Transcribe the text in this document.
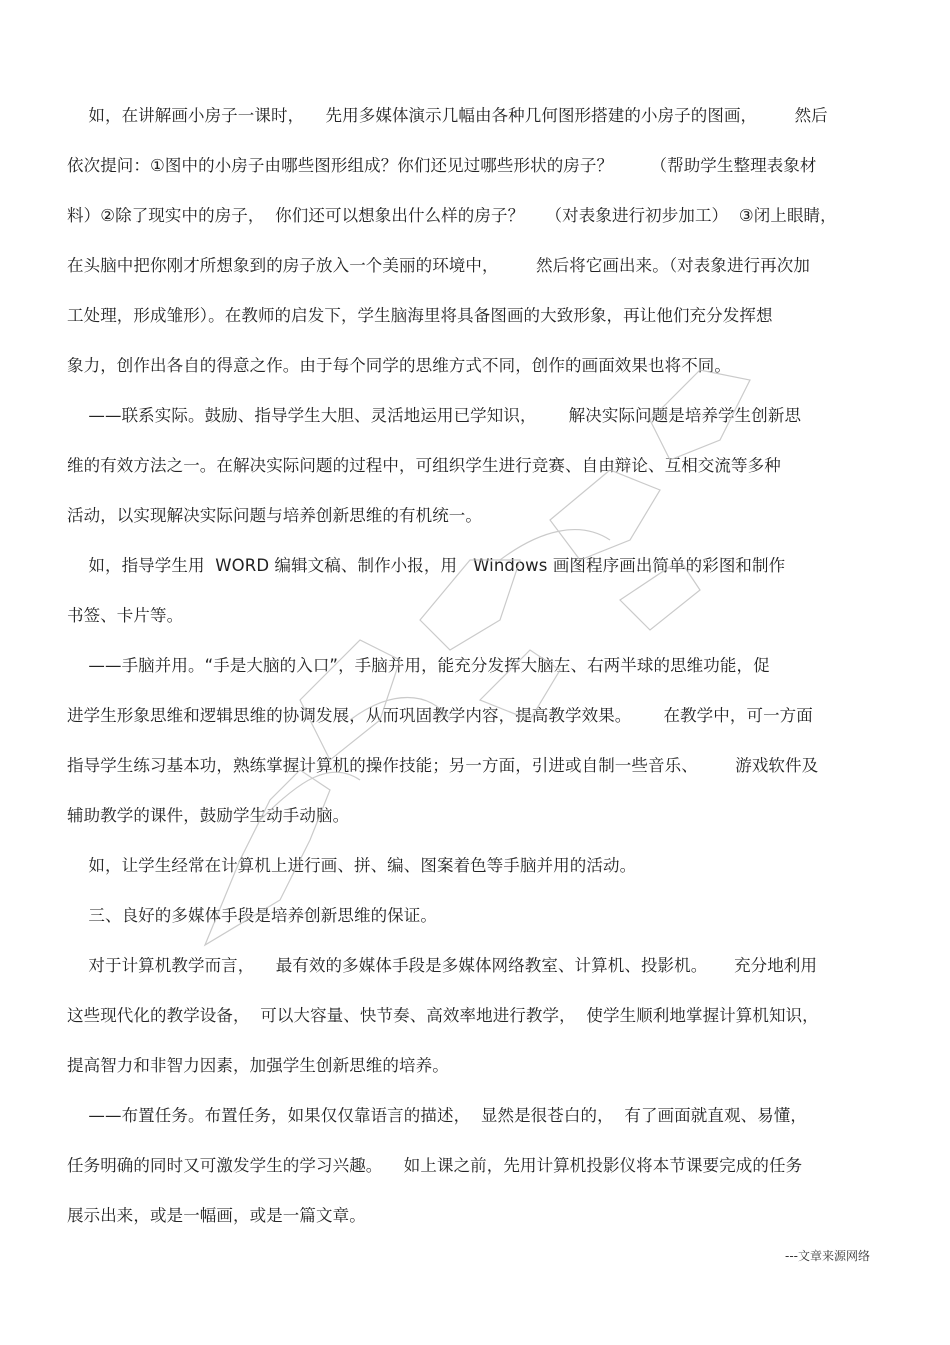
如，在讲解画小房子一课时，    先用多媒体演示几幅由各种几何图形搭建的小房子的图画，       然后
依次提问：①图中的小房子由哪些图形组成？你们还见过哪些形状的房子？       （帮助学生整理表象材
料）②除了现实中的房子，  你们还可以想象出什么样的房子？    （对表象进行初步加工）  ③闭上眼睛，
在头脑中把你刚才所想象到的房子放入一个美丽的环境中，       然后将它画出来。（对表象进行再次加
工处理，形成雏形）。在教师的启发下，学生脑海里将具备图画的大致形象，再让他们充分发挥想
象力，创作出各自的得意之作。由于每个同学的思维方式不同，创作的画面效果也将不同。
——联系实际。鼓励、指导学生大胆、灵活地运用已学知识，      解决实际问题是培养学生创新思
维的有效方法之一。在解决实际问题的过程中，可组织学生进行竞赛、自由辩论、互相交流等多种
活动，以实现解决实际问题与培养创新思维的有机统一。
如，指导学生用  WORD 编辑文稿、制作小报，用   Windows 画图程序画出简单的彩图和制作
书签、卡片等。
——手脑并用。“手是大脑的入口”，手脑并用，能充分发挥大脑左、右两半球的思维功能，促
进学生形象思维和逻辑思维的协调发展，从而巩固教学内容，提高教学效果。      在教学中，可一方面
指导学生练习基本功，熟练掌握计算机的操作技能；另一方面，引进或自制一些音乐、       游戏软件及
辅助教学的课件，鼓励学生动手动脑。
如，让学生经常在计算机上进行画、拼、编、图案着色等手脑并用的活动。
三、良好的多媒体手段是培养创新思维的保证。
对于计算机教学而言，    最有效的多媒体手段是多媒体网络教室、计算机、投影机。     充分地利用
这些现代化的教学设备，  可以大容量、快节奏、高效率地进行教学，  使学生顺利地掌握计算机知识，
提高智力和非智力因素，加强学生创新思维的培养。
——布置任务。布置任务，如果仅仅靠语言的描述，  显然是很苍白的，  有了画面就直观、易懂，
任务明确的同时又可激发学生的学习兴趣。    如上课之前，先用计算机投影仪将本节课要完成的任务
展示出来，或是一幅画，或是一篇文章。
---文章来源网络
